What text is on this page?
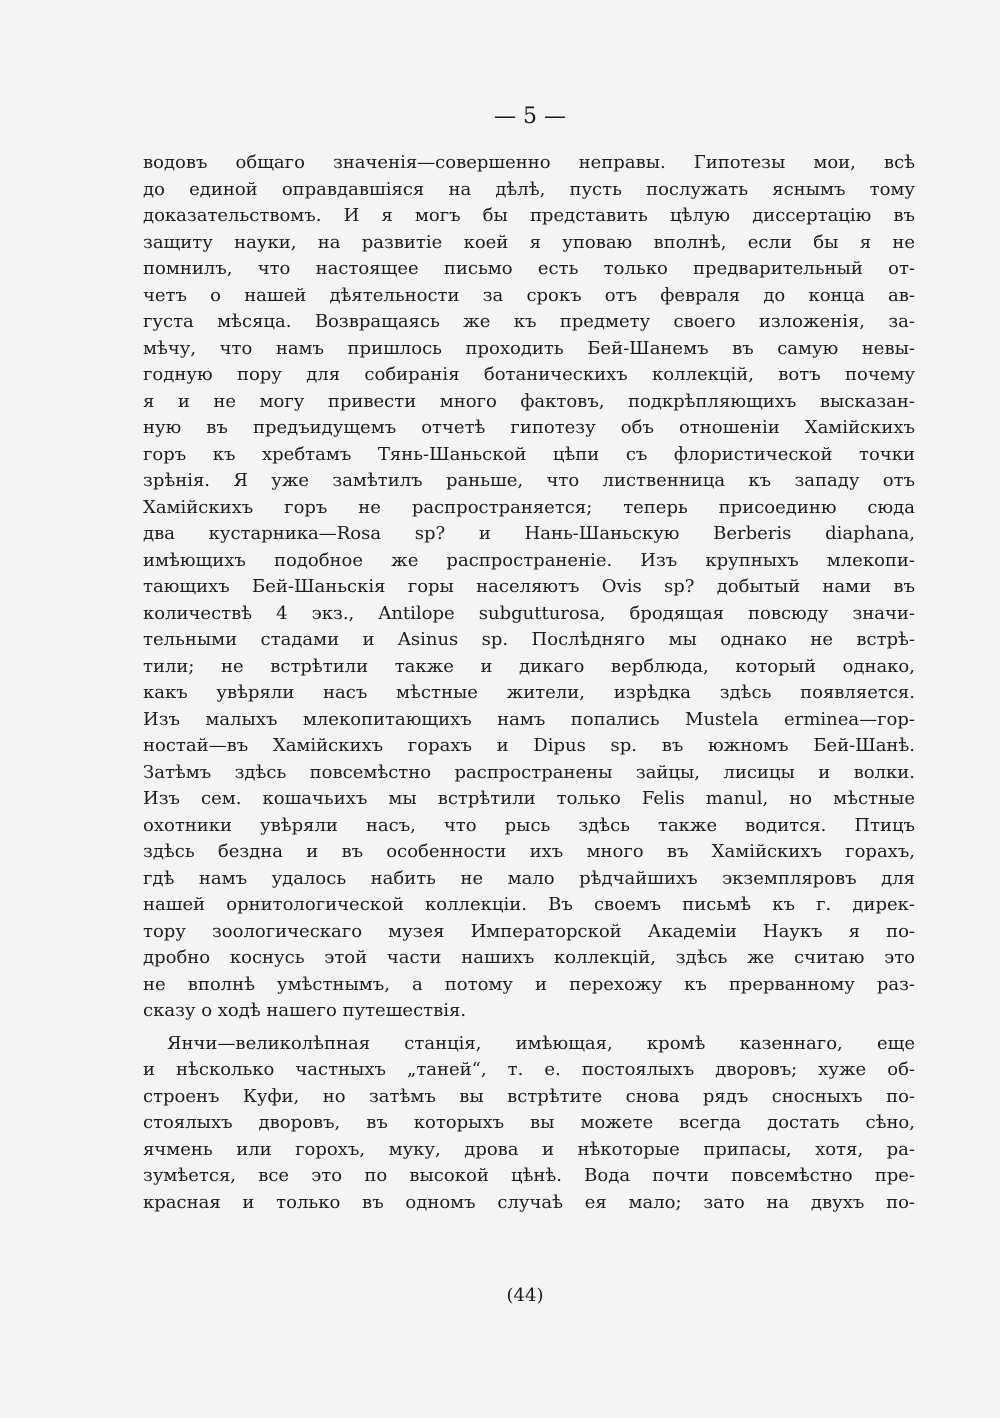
— 5 —
водовъ общаго значенія—совершенно неправы. Гипотезы мои, всѣ
до единой оправдавшіяся на дѣлѣ, пусть послужать яснымъ тому
доказательствомъ. И я могъ бы представить цѣлую диссертацію въ
защиту науки, на развитіе коей я уповаю вполнѣ, если бы я не
помнилъ, что настоящее письмо есть только предварительный от-
четъ о нашей дѣятельности за срокъ отъ февраля до конца ав-
густа мѣсяца. Возвращаясь же къ предмету своего изложенія, за-
мѣчу, что намъ пришлось проходить Бей-Шанемъ въ самую невы-
годную пору для собиранія ботаническихъ коллекцій, вотъ почему
я и не могу привести много фактовъ, подкрѣпляющихъ высказан-
ную въ предъидущемъ отчетѣ гипотезу объ отношеніи Хамійскихъ
горъ къ хребтамъ Тянь-Шаньской цѣпи съ флористической точки
зрѣнія. Я уже замѣтилъ раньше, что лиственница къ западу отъ
Хамійскихъ горъ не распространяется; теперь присоединю сюда
два кустарника—Rosa sp? и Нань-Шаньскую Berberis diaphana,
имѣющихъ подобное же распространеніе. Изъ крупныхъ млекопи-
тающихъ Бей-Шаньскія горы населяютъ Ovis sp? добытый нами въ
количествѣ 4 экз., Antilope subgutturosa, бродящая повсюду значи-
тельными стадами и Asinus sp. Послѣдняго мы однако не встрѣ-
тили; не встрѣтили также и дикаго верблюда, который однако,
какъ увѣряли насъ мѣстные жители, изрѣдка здѣсь появляется.
Изъ малыхъ млекопитающихъ намъ попались Mustela erminea—гор-
ностай—въ Хамійскихъ горахъ и Dipus sp. въ южномъ Бей-Шанѣ.
Затѣмъ здѣсь повсемѣстно распространены зайцы, лисицы и волки.
Изъ сем. кошачьихъ мы встрѣтили только Felis manul, но мѣстные
охотники увѣряли насъ, что рысь здѣсь также водится. Птицъ
здѣсь бездна и въ особенности ихъ много въ Хамійскихъ горахъ,
гдѣ намъ удалось набить не мало рѣдчайшихъ экземпляровъ для
нашей орнитологической коллекціи. Въ своемъ письмѣ къ г. дирек-
тору зоологическаго музея Императорской Академіи Наукъ я по-
дробно коснусь этой части нашихъ коллекцій, здѣсь же считаю это
не вполнѣ умѣстнымъ, а потому и перехожу къ прерванному раз-
сказу о ходѣ нашего путешествія.
Янчи—великолѣпная станція, имѣющая, кромѣ казеннаго, еще
и нѣсколько частныхъ „таней“, т. е. постоялыхъ дворовъ; хуже об-
строенъ Куфи, но затѣмъ вы встрѣтите снова рядъ сносныхъ по-
стоялыхъ дворовъ, въ которыхъ вы можете всегда достать сѣно,
ячмень или горохъ, муку, дрова и нѣкоторые припасы, хотя, ра-
зумѣется, все это по высокой цѣнѣ. Вода почти повсемѣстно пре-
красная и только въ одномъ случаѣ ея мало; зато на двухъ по-
(44)
